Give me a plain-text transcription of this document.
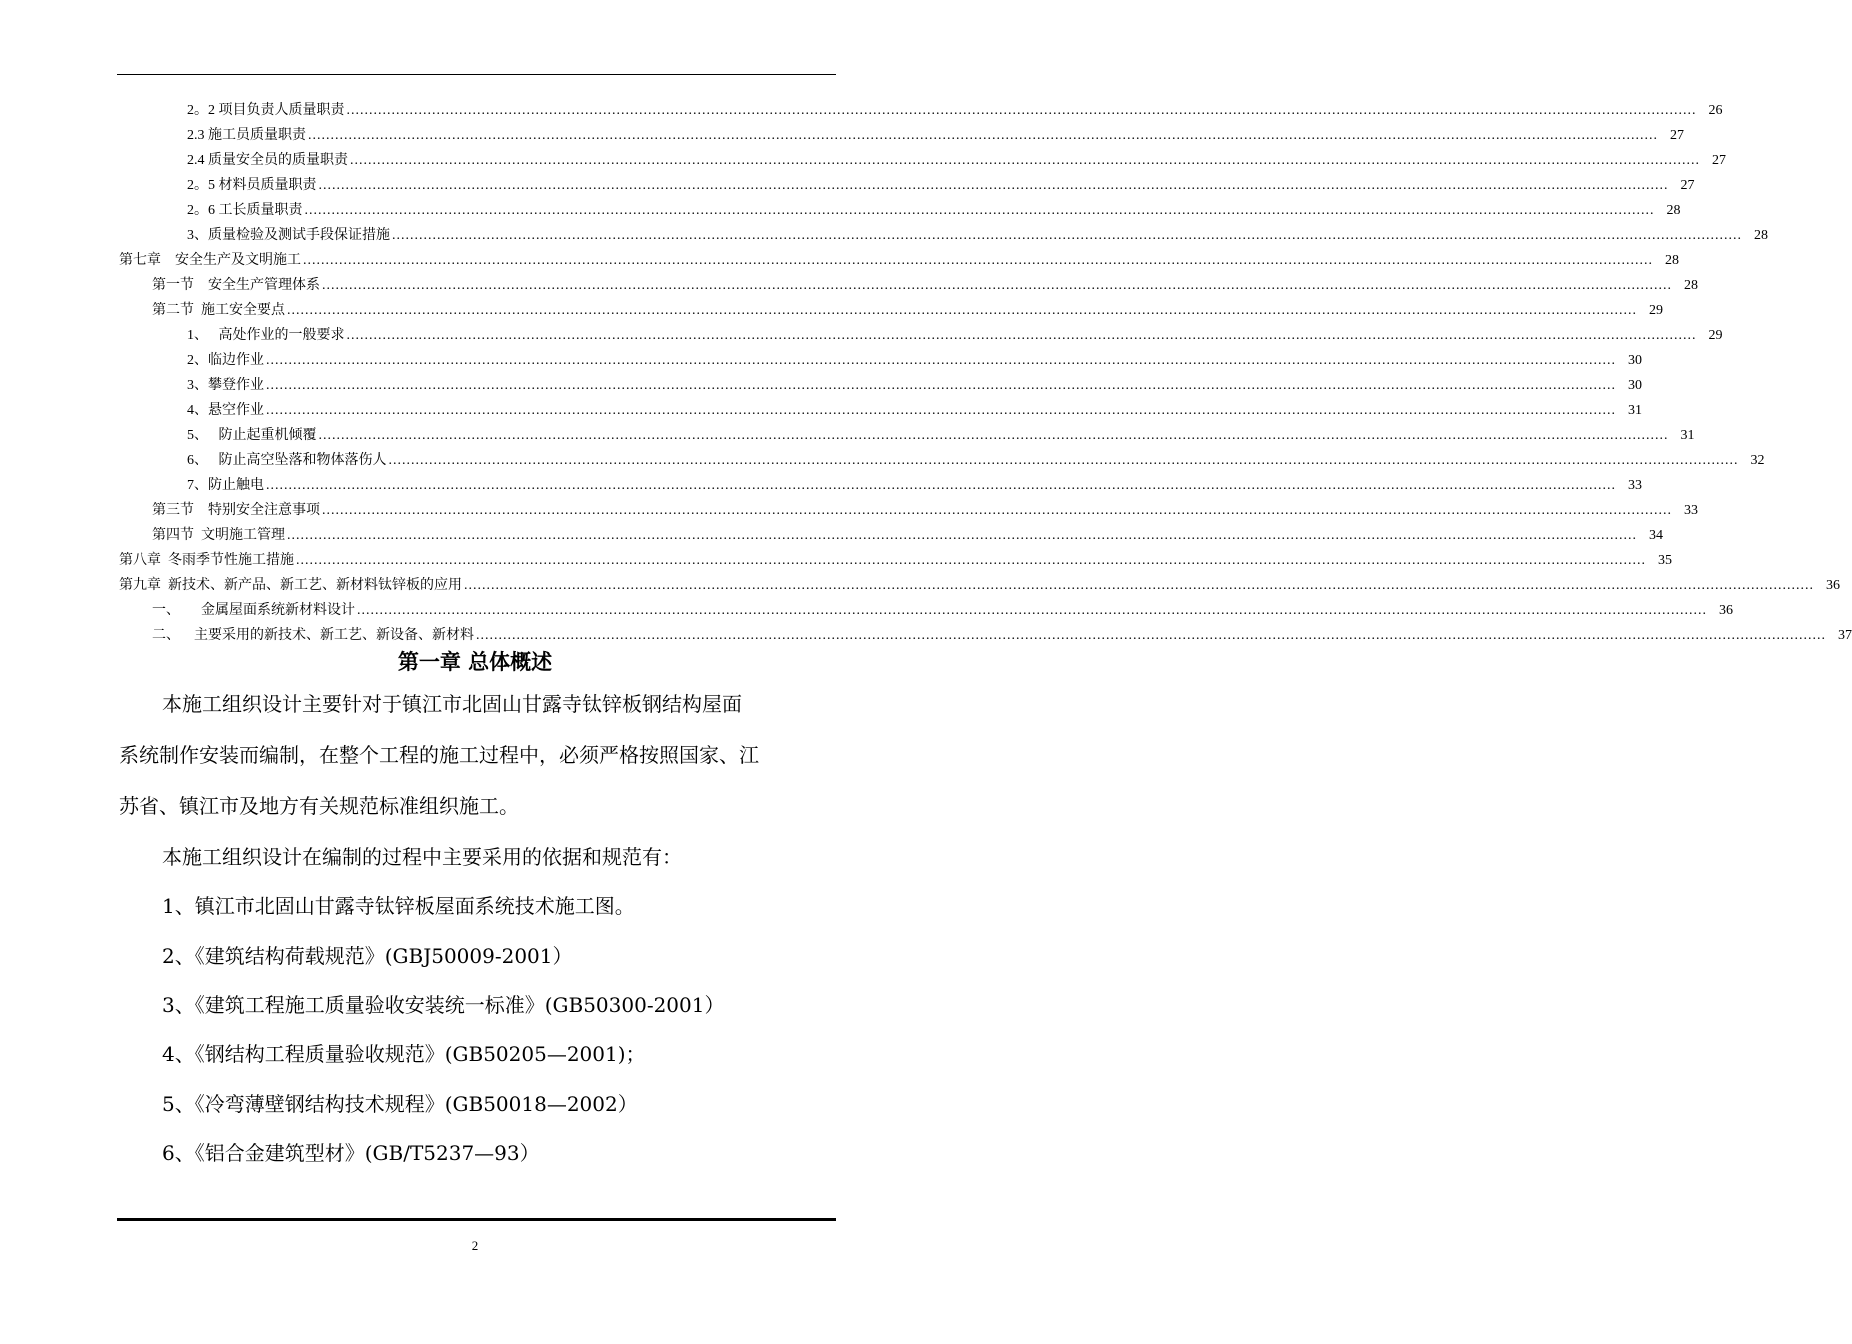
2。2 项目负责人质量职责 ............................................................................................................................................................................................................................................................................................................ 26
2.3 施工员质量职责 ............................................................................................................................................................................................................................................................................................................ 27
2.4 质量安全员的质量职责 ............................................................................................................................................................................................................................................................................................................ 27
2。5 材料员质量职责 ............................................................................................................................................................................................................................................................................................................ 27
2。6 工长质量职责 ............................................................................................................................................................................................................................................................................................................ 28
3、质量检验及测试手段保证措施 ............................................................................................................................................................................................................................................................................................................ 28
第七章    安全生产及文明施工 ............................................................................................................................................................................................................................................................................................................ 28
第一节    安全生产管理体系 ............................................................................................................................................................................................................................................................................................................ 28
第二节  施工安全要点 ............................................................................................................................................................................................................................................................................................................ 29
1、   高处作业的一般要求 ............................................................................................................................................................................................................................................................................................................ 29
2、临边作业 ............................................................................................................................................................................................................................................................................................................ 30
3、攀登作业 ............................................................................................................................................................................................................................................................................................................ 30
4、悬空作业 ............................................................................................................................................................................................................................................................................................................ 31
5、   防止起重机倾覆 ............................................................................................................................................................................................................................................................................................................ 31
6、   防止高空坠落和物体落伤人 ............................................................................................................................................................................................................................................................................................................ 32
7、防止触电 ............................................................................................................................................................................................................................................................................................................ 33
第三节    特别安全注意事项 ............................................................................................................................................................................................................................................................................................................ 33
第四节  文明施工管理 ............................................................................................................................................................................................................................................................................................................ 34
第八章  冬雨季节性施工措施 ............................................................................................................................................................................................................................................................................................................ 35
第九章  新技术、新产品、新工艺、新材料钛锌板的应用 ............................................................................................................................................................................................................................................................................................................ 36
一、      金属屋面系统新材料设计 ............................................................................................................................................................................................................................................................................................................ 36
二、    主要采用的新技术、新工艺、新设备、新材料 ............................................................................................................................................................................................................................................................................................................ 37
第一章 总体概述
本施工组织设计主要针对于镇江市北固山甘露寺钛锌板钢结构屋面
系统制作安装而编制，在整个工程的施工过程中，必须严格按照国家、江
苏省、镇江市及地方有关规范标准组织施工。
本施工组织设计在编制的过程中主要采用的依据和规范有：
1、镇江市北固山甘露寺钛锌板屋面系统技术施工图。
2、《建筑结构荷载规范》(GBJ50009-2001）
3、《建筑工程施工质量验收安装统一标准》(GB50300-2001）
4、《钢结构工程质量验收规范》(GB50205—2001)；
5、《冷弯薄壁钢结构技术规程》(GB50018—2002）
6、《铝合金建筑型材》(GB/T5237—93）
2
